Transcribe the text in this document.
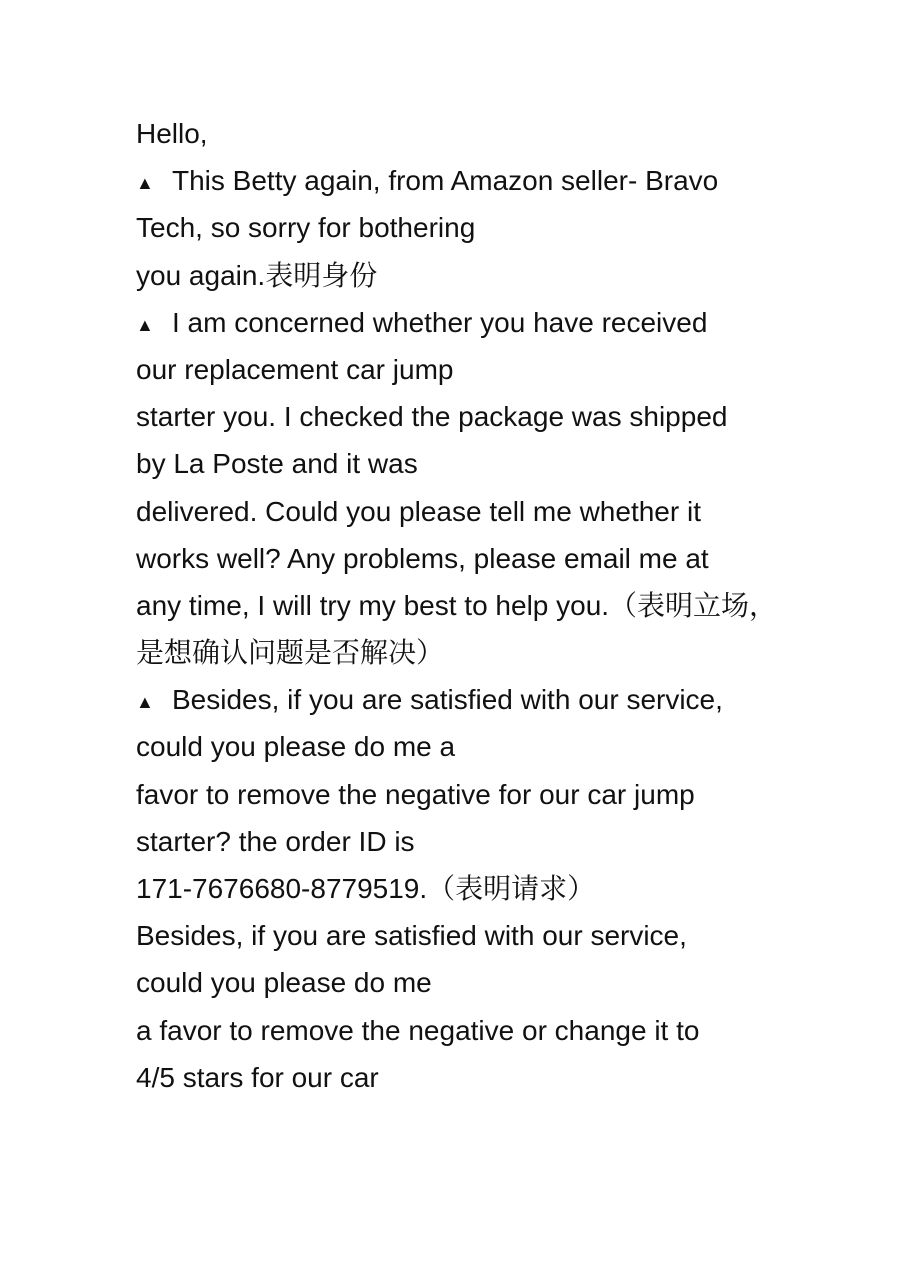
Hello,
▲ This Betty again, from Amazon seller- Bravo
Tech, so sorry for bothering
you again.表明身份
▲ I am concerned whether you have received
our replacement car jump
starter you. I checked the package was shipped
by La Poste and it was
delivered. Could you please tell me whether it
works well? Any problems, please email me at
any time, I will try my best to help you.（表明立场，
是想确认问题是否解决）
▲ Besides, if you are satisfied with our service,
could you please do me a
favor to remove the negative for our car jump
starter? the order ID is
171-7676680-8779519.（表明请求）
Besides, if you are satisfied with our service,
could you please do me
a favor to remove the negative or change it to
4/5 stars for our car
